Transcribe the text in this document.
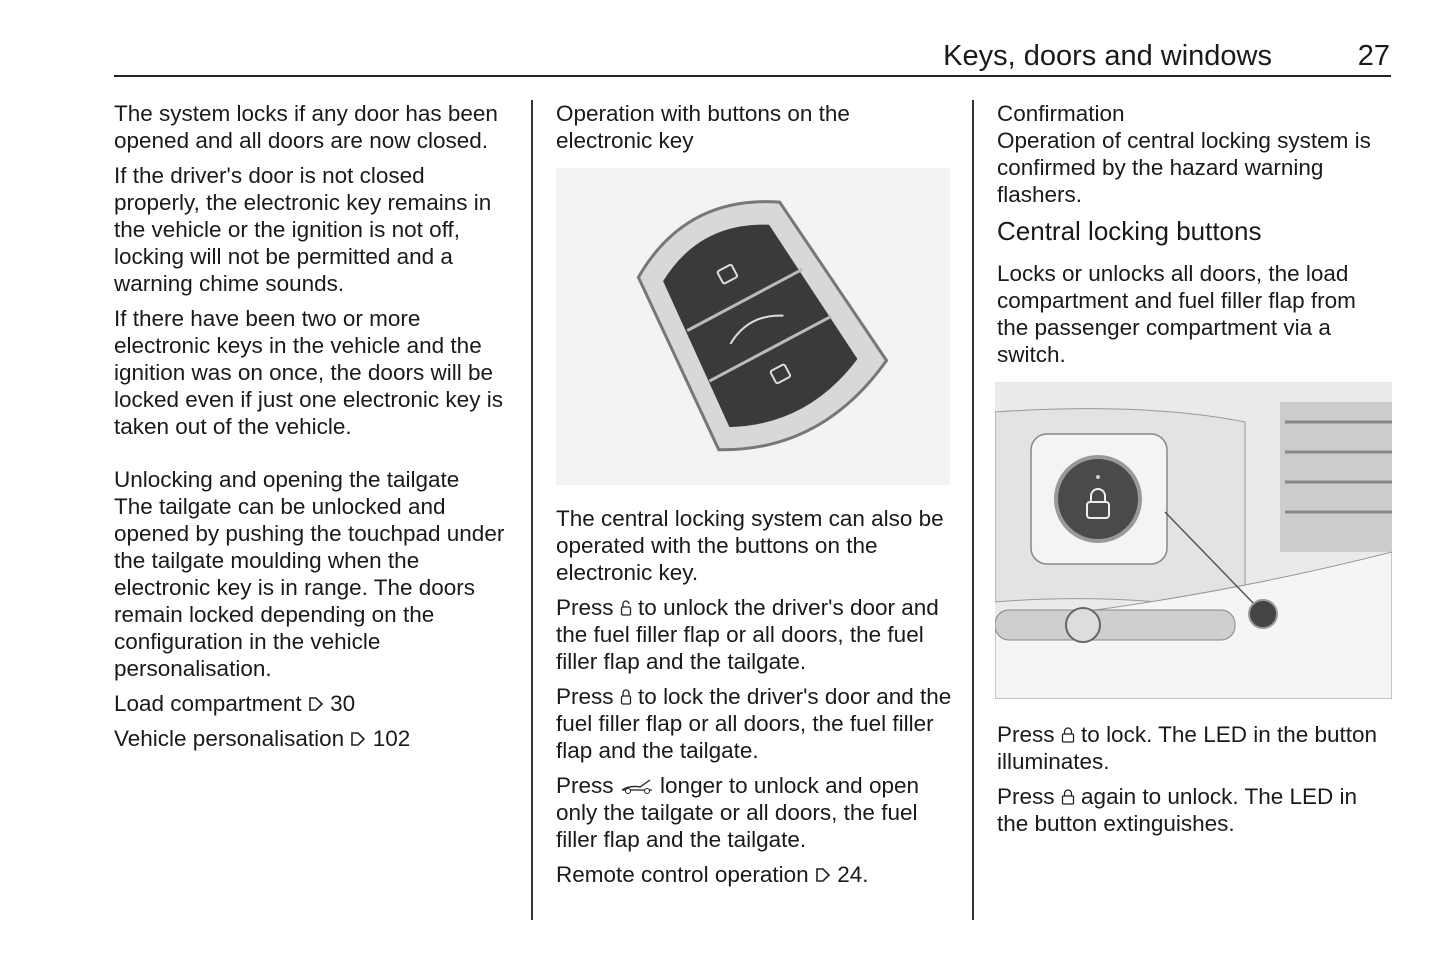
Keys, doors and windows	27

The system locks if any door has been opened and all doors are now closed.

If the driver's door is not closed properly, the electronic key remains in the vehicle or the ignition is not off, locking will not be permitted and a warning chime sounds.

If there have been two or more electronic keys in the vehicle and the ignition was on once, the doors will be locked even if just one electronic key is taken out of the vehicle.

Unlocking and opening the tailgate

The tailgate can be unlocked and opened by pushing the touchpad under the tailgate moulding when the electronic key is in range. The doors remain locked depending on the configuration in the vehicle personalisation.

Load compartment 30

Vehicle personalisation 102

Operation with buttons on the electronic key

The central locking system can also be operated with the buttons on the electronic key.

Press to unlock the driver's door and the fuel filler flap or all doors, the fuel filler flap and the tailgate.

Press to lock the driver's door and the fuel filler flap or all doors, the fuel filler flap and the tailgate.

Press longer to unlock and open only the tailgate or all doors, the fuel filler flap and the tailgate.

Remote control operation 24.

Confirmation

Operation of central locking system is confirmed by the hazard warning flashers.

Central locking buttons

Locks or unlocks all doors, the load compartment and fuel filler flap from the passenger compartment via a switch.

Press to lock. The LED in the button illuminates.

Press again to unlock. The LED in the button extinguishes.
